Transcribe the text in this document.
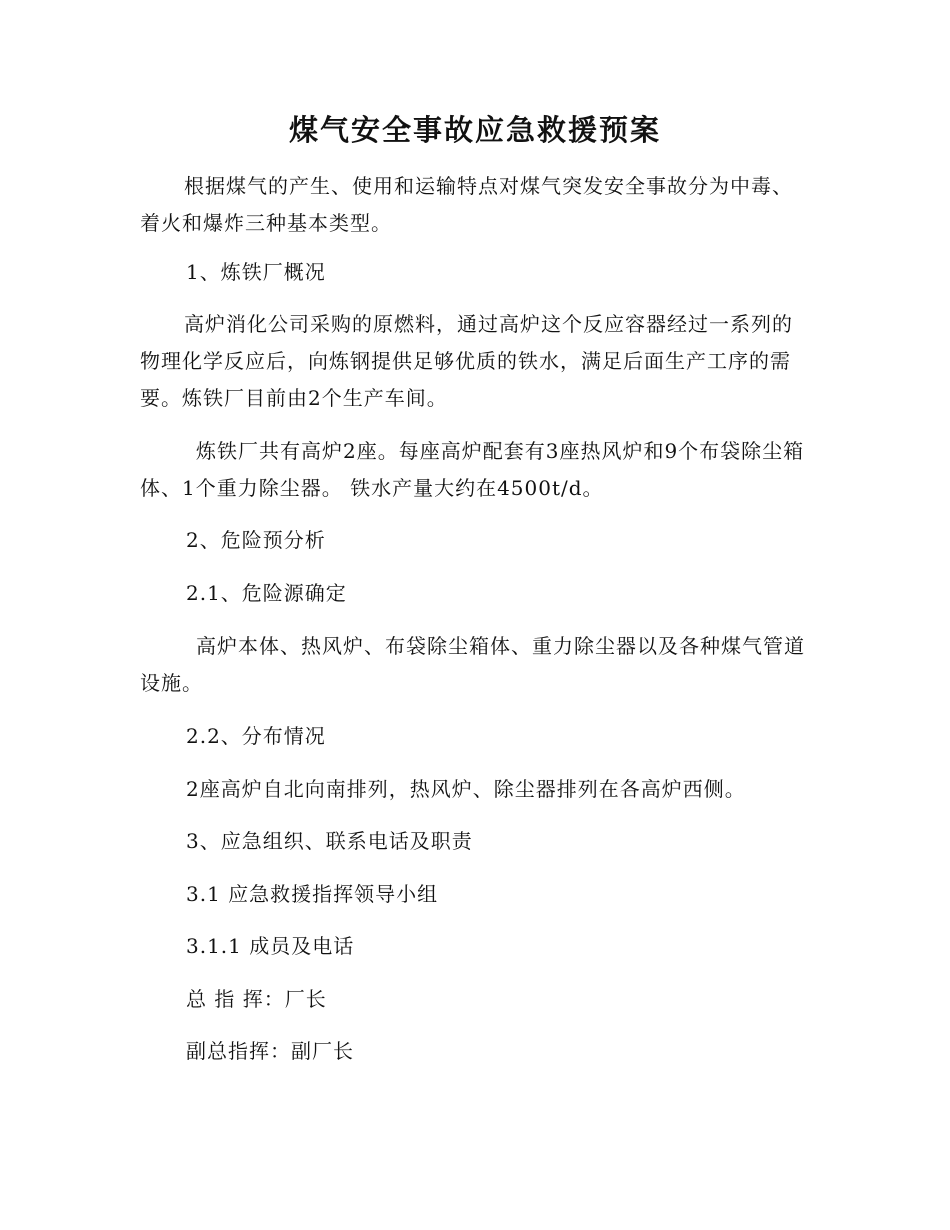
煤气安全事故应急救援预案

根据煤气的产生、使用和运输特点对煤气突发安全事故分为中毒、着火和爆炸三种基本类型。

1、炼铁厂概况

高炉消化公司采购的原燃料，通过高炉这个反应容器经过一系列的物理化学反应后，向炼钢提供足够优质的铁水，满足后面生产工序的需要。炼铁厂目前由2个生产车间。

炼铁厂共有高炉2座。每座高炉配套有3座热风炉和9个布袋除尘箱体、1个重力除尘器。 铁水产量大约在4500t/d。

2、危险预分析

2.1、危险源确定

高炉本体、热风炉、布袋除尘箱体、重力除尘器以及各种煤气管道设施。

2.2、分布情况

2座高炉自北向南排列，热风炉、除尘器排列在各高炉西侧。

3、应急组织、联系电话及职责

3.1 应急救援指挥领导小组

3.1.1 成员及电话

总 指 挥：厂长

副总指挥：副厂长
